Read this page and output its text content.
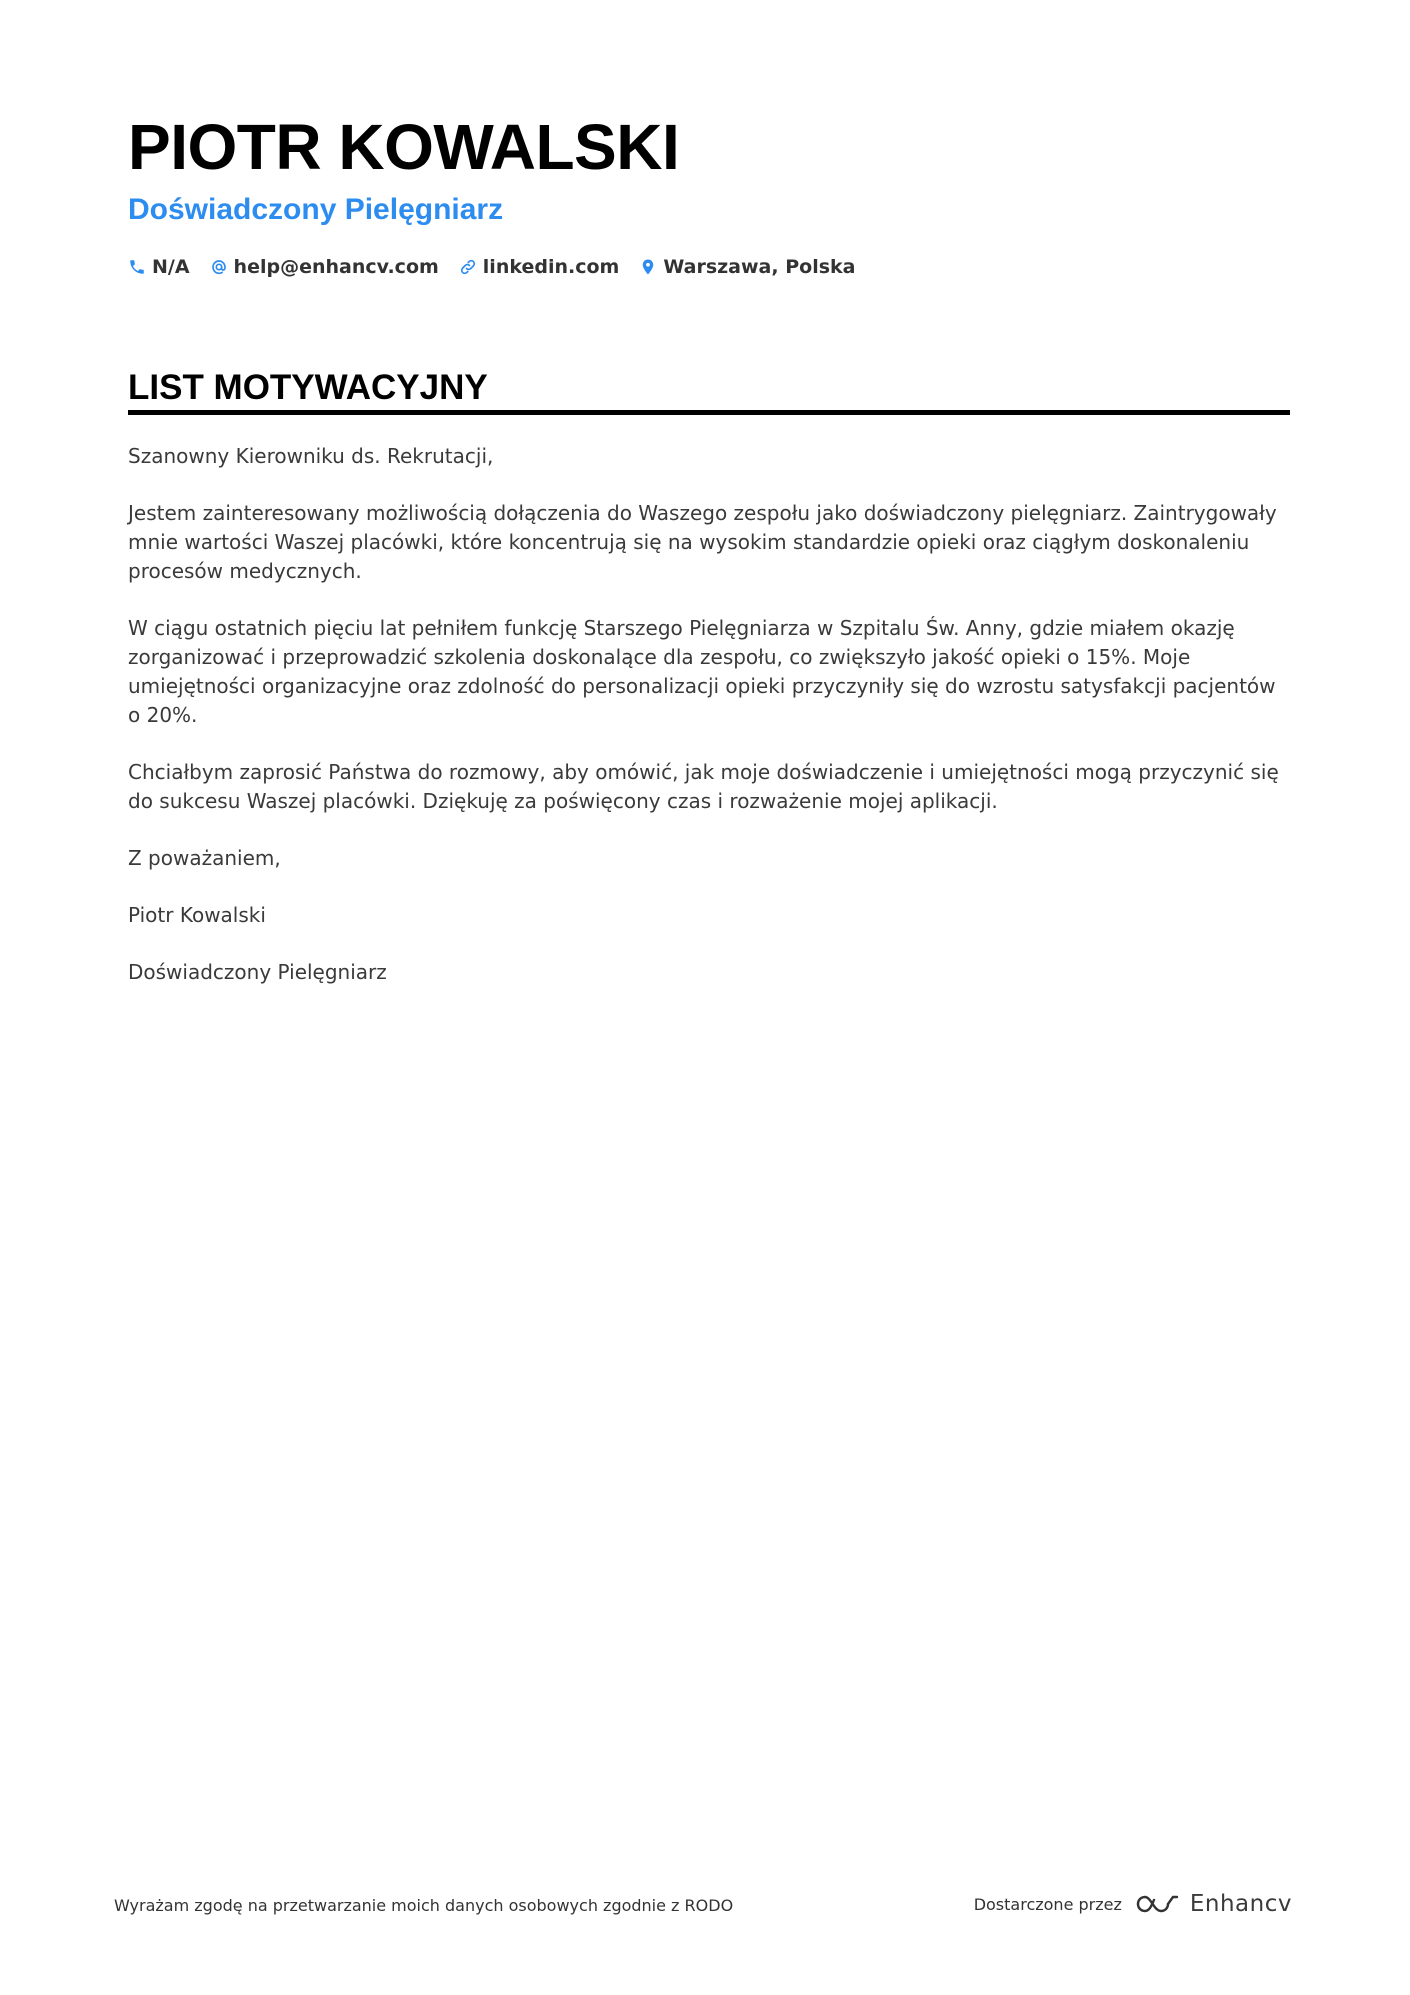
PIOTR KOWALSKI
Doświadczony Pielęgniarz
N/A help@enhancv.com linkedin.com Warszawa, Polska
LIST MOTYWACYJNY

Szanowny Kierowniku ds. Rekrutacji,

Jestem zainteresowany możliwością dołączenia do Waszego zespołu jako doświadczony pielęgniarz. Zaintrygowały mnie wartości Waszej placówki, które koncentrują się na wysokim standardzie opieki oraz ciągłym doskonaleniu procesów medycznych.

W ciągu ostatnich pięciu lat pełniłem funkcję Starszego Pielęgniarza w Szpitalu Św. Anny, gdzie miałem okazję zorganizować i przeprowadzić szkolenia doskonalące dla zespołu, co zwiększyło jakość opieki o 15%. Moje umiejętności organizacyjne oraz zdolność do personalizacji opieki przyczyniły się do wzrostu satysfakcji pacjentów o 20%.

Chciałbym zaprosić Państwa do rozmowy, aby omówić, jak moje doświadczenie i umiejętności mogą przyczynić się do sukcesu Waszej placówki. Dziękuję za poświęcony czas i rozważenie mojej aplikacji.

Z poważaniem,

Piotr Kowalski

Doświadczony Pielęgniarz

Wyrażam zgodę na przetwarzanie moich danych osobowych zgodnie z RODO	Dostarczone przez	Enhancv
